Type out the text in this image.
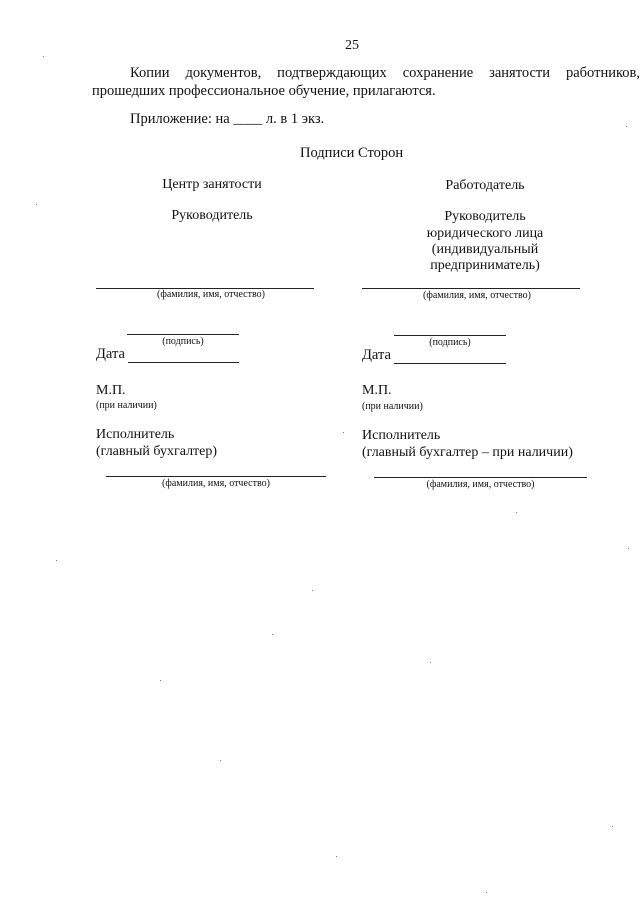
25
Копии документов, подтверждающих сохранение занятости работников,
прошедших профессиональное обучение, прилагаются.
Приложение: на ____ л. в 1 экз.
Подписи Сторон
Центр занятости
Руководитель
(фамилия, имя, отчество)
(подпись)
Дата
М.П.
(при наличии)
Исполнитель
(главный бухгалтер)
(фамилия, имя, отчество)
Работодатель
Руководитель
юридического лица
(индивидуальный
предприниматель)
(фамилия, имя, отчество)
(подпись)
Дата
М.П.
(при наличии)
Исполнитель
(главный бухгалтер – при наличии)
(фамилия, имя, отчество)
